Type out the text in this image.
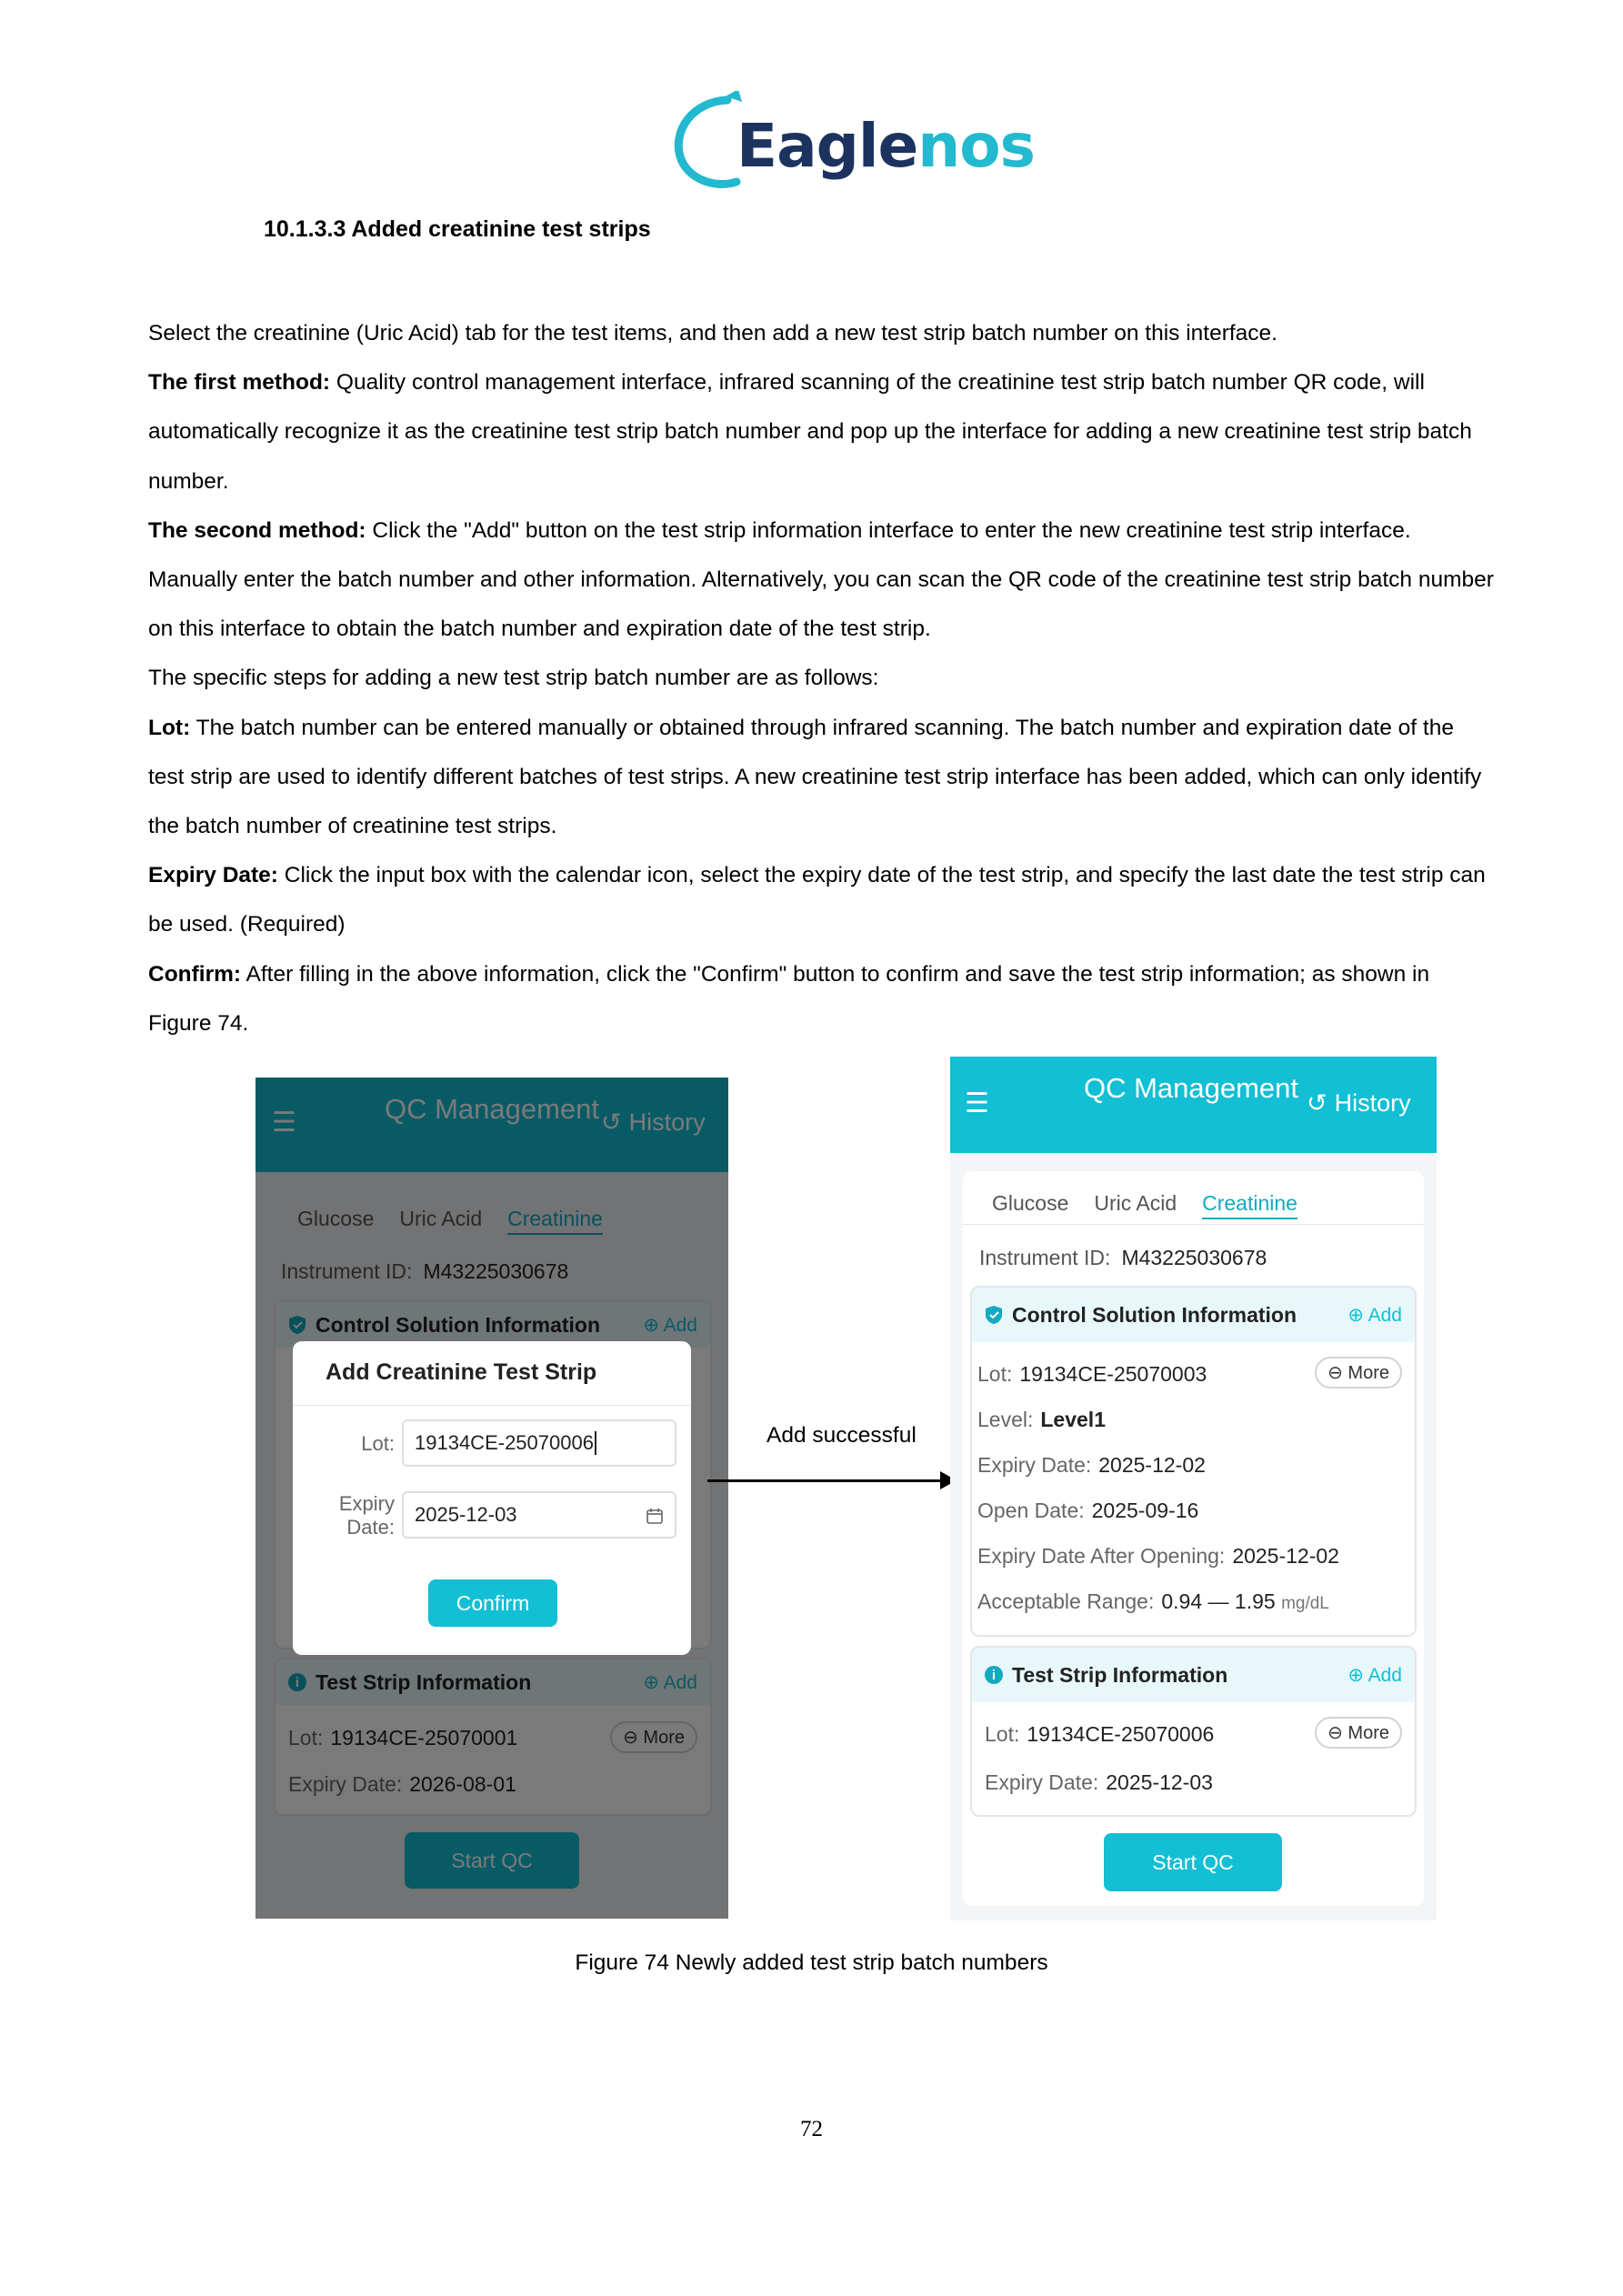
Eaglenos
10.1.3.3 Added creatinine test strips

Select the creatinine (Uric Acid) tab for the test items, and then add a new test strip batch number on this interface.

The first method: Quality control management interface, infrared scanning of the creatinine test strip batch number QR code, will automatically recognize it as the creatinine test strip batch number and pop up the interface for adding a new creatinine test strip batch number.

The second method: Click the "Add" button on the test strip information interface to enter the new creatinine test strip interface. Manually enter the batch number and other information. Alternatively, you can scan the QR code of the creatinine test strip batch number on this interface to obtain the batch number and expiration date of the test strip.

The specific steps for adding a new test strip batch number are as follows:

Lot: The batch number can be entered manually or obtained through infrared scanning. The batch number and expiration date of the test strip are used to identify different batches of test strips. A new creatinine test strip interface has been added, which can only identify the batch number of creatinine test strips.

Expiry Date: Click the input box with the calendar icon, select the expiry date of the test strip, and specify the last date the test strip can be used. (Required)

Confirm: After filling in the above information, click the "Confirm" button to confirm and save the test strip information; as shown in Figure 74.

Add Creatinine Test Strip
Lot: 19134CE-25070006
Expiry
Date:
2025-12-03
Confirm
Add successful
☰	QC Management ↺ History
Glucose Uric Acid Creatinine
Instrument ID: M43225030678
Control Solution Information	⊕ Add
Lot: 19134CE-25070003	⊖ More
Level: Level1
Expiry Date: 2025-12-02
Open Date: 2025-09-16
Expiry Date After Opening: 2025-12-02
Acceptable Range: 0.94 — 1.95 mg/dL
i Test Strip Information	⊕ Add
Lot: 19134CE-25070006	⊖ More
Expiry Date: 2025-12-03
Start QC
Figure 74 Newly added test strip batch numbers
72
